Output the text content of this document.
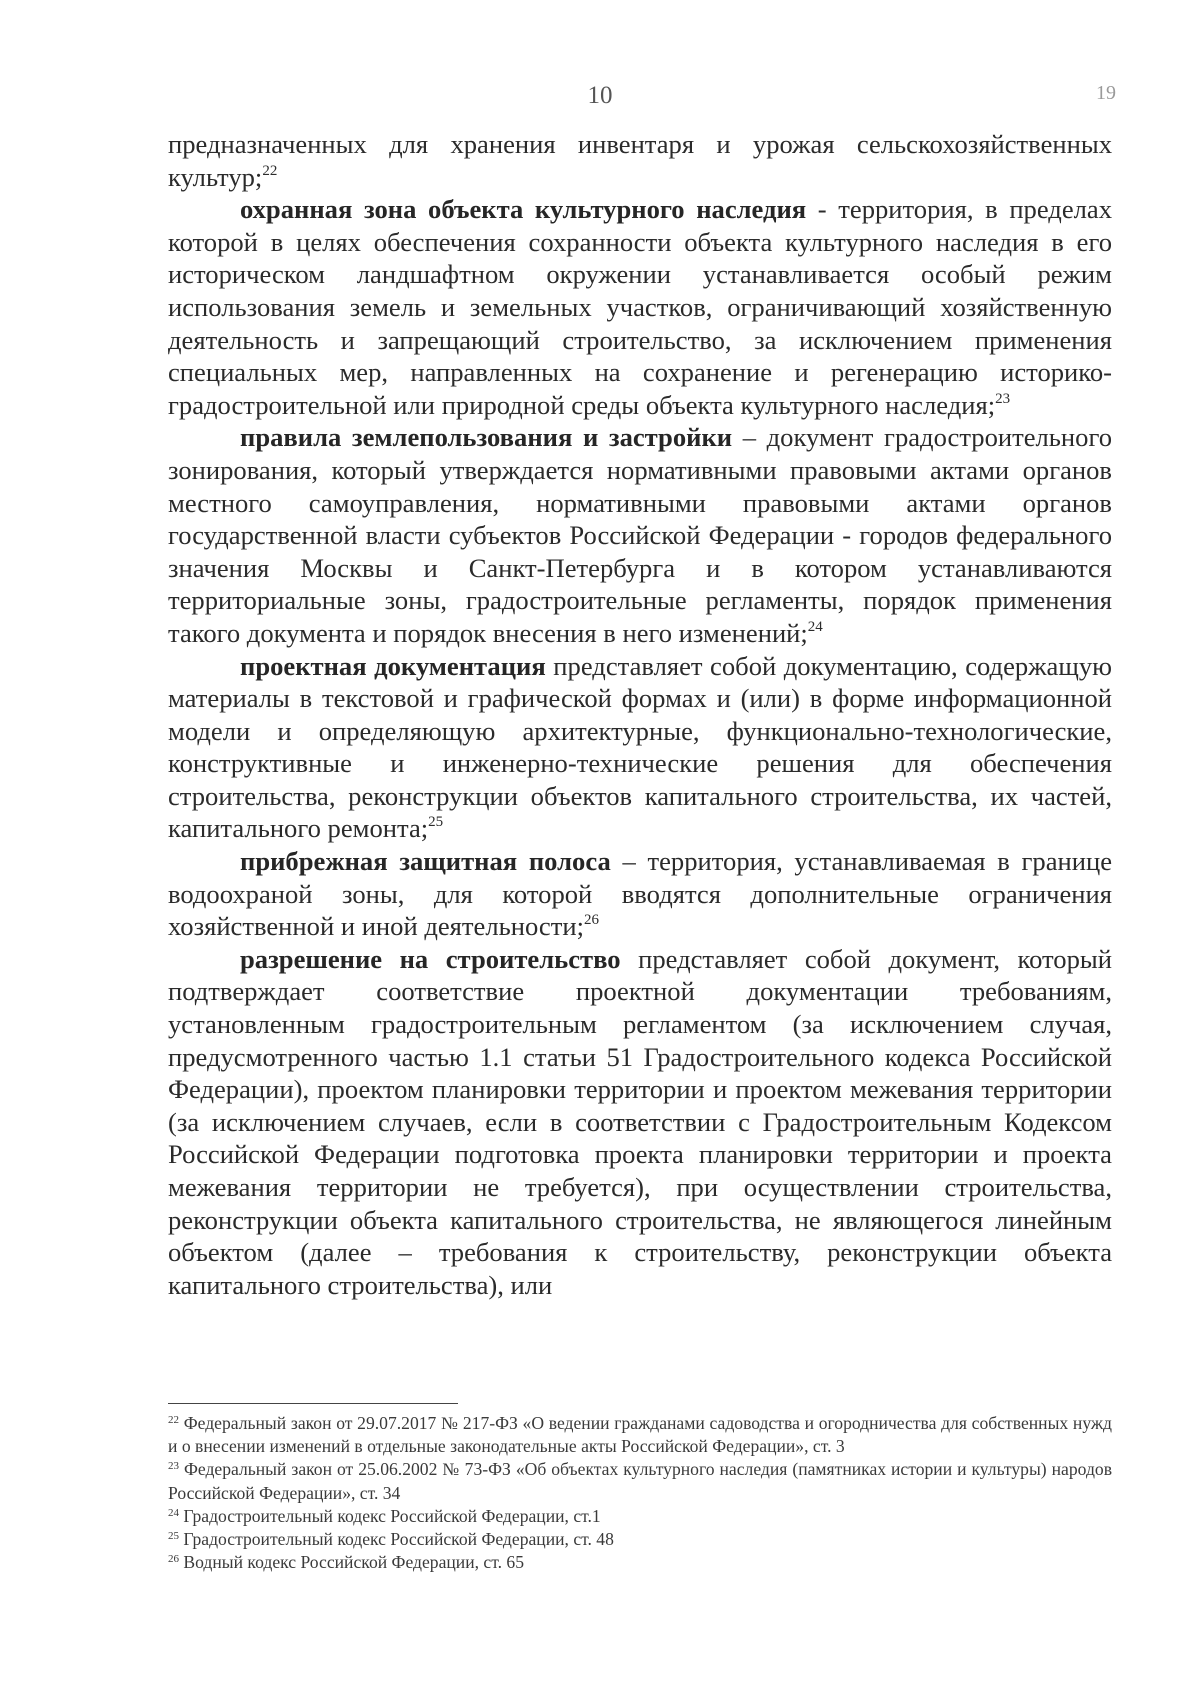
10	19

предназначенных для хранения инвентаря и урожая сельскохозяйственных культур;$^{22}$

охранная зона объекта культурного наследия - территория, в пределах которой в целях обеспечения сохранности объекта культурного наследия в его историческом ландшафтном окружении устанавливается особый режим использования земель и земельных участков, ограничивающий хозяйственную деятельность и запрещающий строительство, за исключением применения специальных мер, направленных на сохранение и регенерацию историко-градостроительной или природной среды объекта культурного наследия;$^{23}$

правила землепользования и застройки – документ градостроительного зонирования, который утверждается нормативными правовыми актами органов местного самоуправления, нормативными правовыми актами органов государственной власти субъектов Российской Федерации - городов федерального значения Москвы и Санкт-Петербурга и в котором устанавливаются территориальные зоны, градостроительные регламенты, порядок применения такого документа и порядок внесения в него изменений;$^{24}$

проектная документация представляет собой документацию, содержащую материалы в текстовой и графической формах и (или) в форме информационной модели и определяющую архитектурные, функционально-технологические, конструктивные и инженерно-технические решения для обеспечения строительства, реконструкции объектов капитального строительства, их частей, капитального ремонта;$^{25}$

прибрежная защитная полоса – территория, устанавливаемая в границе водоохраной зоны, для которой вводятся дополнительные ограничения хозяйственной и иной деятельности;$^{26}$

разрешение на строительство представляет собой документ, который подтверждает соответствие проектной документации требованиям, установленным градостроительным регламентом (за исключением случая, предусмотренного частью 1.1 статьи 51 Градостроительного кодекса Российской Федерации), проектом планировки территории и проектом межевания территории (за исключением случаев, если в соответствии с Градостроительным Кодексом Российской Федерации подготовка проекта планировки территории и проекта межевания территории не требуется), при осуществлении строительства, реконструкции объекта капитального строительства, не являющегося линейным объектом (далее – требования к строительству, реконструкции объекта капитального строительства), или

$^{22}$ Федеральный закон от 29.07.2017 № 217-ФЗ «О ведении гражданами садоводства и огородничества для собственных нужд и о внесении изменений в отдельные законодательные акты Российской Федерации», ст. 3

$^{23}$ Федеральный закон от 25.06.2002 № 73-ФЗ «Об объектах культурного наследия (памятниках истории и культуры) народов Российской Федерации», ст. 34

$^{24}$ Градостроительный кодекс Российской Федерации, ст.1

$^{25}$ Градостроительный кодекс Российской Федерации, ст. 48

$^{26}$ Водный кодекс Российской Федерации, ст. 65
